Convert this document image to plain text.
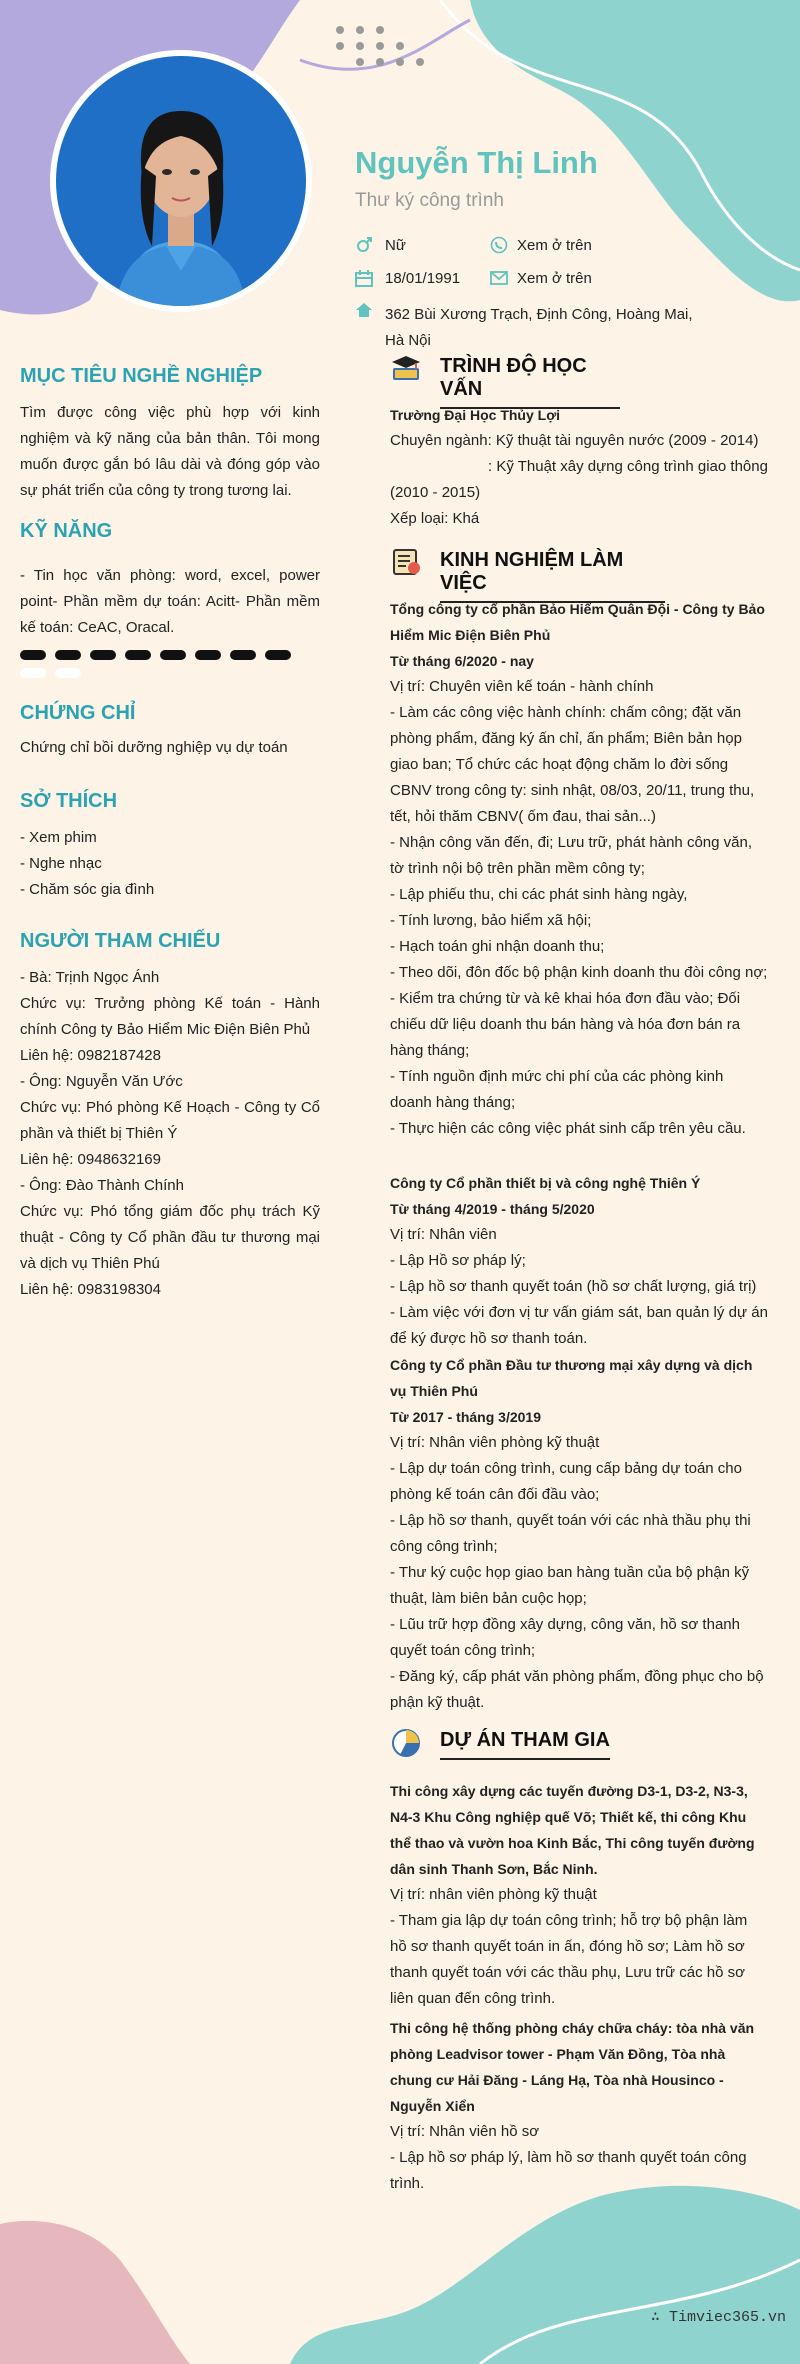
Nguyễn Thị Linh
Thư ký công trình
Nữ	Xem ở trên
18/01/1991	Xem ở trên
362 Bùi Xương Trạch, Định Công, Hoàng Mai, Hà Nội
MỤC TIÊU NGHỀ NGHIỆP

Tìm được công việc phù hợp với kinh nghiệm và kỹ năng của bản thân. Tôi mong muốn được gắn bó lâu dài và đóng góp vào sự phát triển của công ty trong tương lai.

KỸ NĂNG

- Tin học văn phòng: word, excel, power point- Phần mềm dự toán: Acitt- Phần mềm kế toán: CeAC, Oracal.

CHỨNG CHỈ

Chứng chỉ bồi dưỡng nghiệp vụ dự toán

SỞ THÍCH

- Xem phim

- Nghe nhạc

- Chăm sóc gia đình

NGƯỜI THAM CHIẾU

- Bà: Trịnh Ngọc Ánh

Chức vụ: Trưởng phòng Kế toán - Hành chính Công ty Bảo Hiểm Mic Điện Biên Phủ

Liên hệ: 0982187428

- Ông: Nguyễn Văn Ước

Chức vụ: Phó phòng Kế Hoạch - Công ty Cổ phần và thiết bị Thiên Ý

Liên hệ: 0948632169

- Ông: Đào Thành Chính

Chức vụ: Phó tổng giám đốc phụ trách Kỹ thuật - Công ty Cổ phần đầu tư thương mại và dịch vụ Thiên Phú

Liên hệ: 0983198304

TRÌNH ĐỘ HỌC VẤN

Trường Đại Học Thủy Lợi

Chuyên ngành: Kỹ thuật tài nguyên nước (2009 - 2014)

: Kỹ Thuật xây dựng công trình giao thông (2010 - 2015)

Xếp loại: Khá

KINH NGHIỆM LÀM VIỆC

Tổng công ty cổ phần Bảo Hiểm Quân Đội - Công ty Bảo Hiểm Mic Điện Biên Phủ

Từ tháng 6/2020 - nay

Vị trí: Chuyên viên kế toán - hành chính

- Làm các công việc hành chính: chấm công; đặt văn phòng phẩm, đăng ký ấn chỉ, ấn phẩm; Biên bản họp giao ban; Tổ chức các hoạt động chăm lo đời sống CBNV trong công ty: sinh nhật, 08/03, 20/11, trung thu, tết, hỏi thăm CBNV( ốm đau, thai sản...)

- Nhận công văn đến, đi; Lưu trữ, phát hành công văn, tờ trình nội bộ trên phần mềm công ty;

- Lập phiếu thu, chi các phát sinh hàng ngày,

- Tính lương, bảo hiểm xã hội;

- Hạch toán ghi nhận doanh thu;

- Theo dõi, đôn đốc bộ phận kinh doanh thu đòi công nợ;

- Kiểm tra chứng từ và kê khai hóa đơn đầu vào; Đối chiếu dữ liệu doanh thu bán hàng và hóa đơn bán ra hàng tháng;

- Tính nguồn định mức chi phí của các phòng kinh doanh hàng tháng;

- Thực hiện các công việc phát sinh cấp trên yêu cầu.

Công ty Cổ phần thiết bị và công nghệ Thiên Ý

Từ tháng 4/2019 - tháng 5/2020

Vị trí: Nhân viên

- Lập Hồ sơ pháp lý;

- Lập hồ sơ thanh quyết toán (hồ sơ chất lượng, giá trị)

- Làm việc với đơn vị tư vấn giám sát, ban quản lý dự án để ký được hồ sơ thanh toán.

Công ty Cổ phần Đầu tư thương mại xây dựng và dịch vụ Thiên Phú

Từ 2017 - tháng 3/2019

Vị trí: Nhân viên phòng kỹ thuật

- Lập dự toán công trình, cung cấp bảng dự toán cho phòng kế toán cân đối đầu vào;

- Lập hồ sơ thanh, quyết toán với các nhà thầu phụ thi công công trình;

- Thư ký cuộc họp giao ban hàng tuần của bộ phận kỹ thuật, làm biên bản cuộc họp;

- Lũu trữ hợp đồng xây dựng, công văn, hồ sơ thanh quyết toán công trình;

- Đăng ký, cấp phát văn phòng phẩm, đồng phục cho bộ phận kỹ thuật.

DỰ ÁN THAM GIA

Thi công xây dựng các tuyến đường D3-1, D3-2, N3-3, N4-3 Khu Công nghiệp quế Võ; Thiết kế, thi công Khu thể thao và vườn hoa Kinh Bắc, Thi công tuyến đường dân sinh Thanh Sơn, Bắc Ninh.

Vị trí: nhân viên phòng kỹ thuật

- Tham gia lập dự toán công trình; hỗ trợ bộ phận làm hồ sơ thanh quyết toán in ấn, đóng hồ sơ; Làm hồ sơ thanh quyết toán với các thầu phụ, Lưu trữ các hồ sơ liên quan đến công trình.

Thi công hệ thống phòng cháy chữa cháy: tòa nhà văn phòng Leadvisor tower - Phạm Văn Đồng, Tòa nhà chung cư Hải Đăng - Láng Hạ, Tòa nhà Housinco - Nguyễn Xiển

Vị trí: Nhân viên hồ sơ

- Lập hồ sơ pháp lý, làm hồ sơ thanh quyết toán công trình.

∴ Timviec365.vn
